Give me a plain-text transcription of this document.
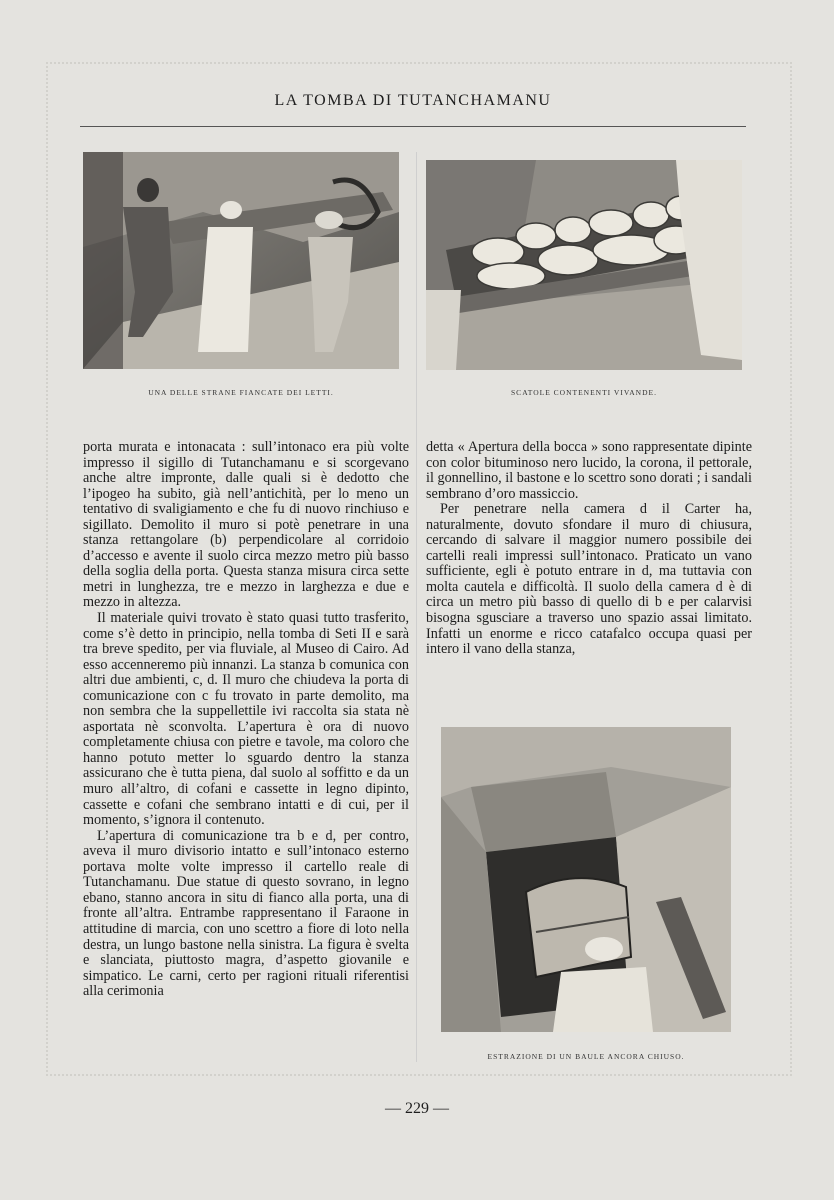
LA TOMBA DI TUTANCHAMANU
UNA DELLE STRANE FIANCATE DEI LETTI.	SCATOLE CONTENENTI VIVANDE.

porta murata e intonacata : sull’intonaco era più volte impresso il sigillo di Tutanchamanu e si scorgevano anche altre impronte, dalle quali si è dedotto che l’ipogeo ha subito, già nell’antichità, per lo meno un tentativo di svaligiamento e che fu di nuovo rinchiuso e sigillato. Demolito il muro si potè penetrare in una stanza rettangolare (b) perpendicolare al corridoio d’accesso e avente il suolo circa mezzo metro più basso della soglia della porta. Questa stanza misura circa sette metri in lunghezza, tre e mezzo in larghezza e due e mezzo in altezza.

Il materiale quivi trovato è stato quasi tutto trasferito, come s’è detto in principio, nella tomba di Seti II e sarà tra breve spedito, per via fluviale, al Museo di Cairo. Ad esso accenneremo più innanzi. La stanza b comunica con altri due ambienti, c, d. Il muro che chiudeva la porta di comunicazione con c fu trovato in parte demolito, ma non sembra che la suppellettile ivi raccolta sia stata nè asportata nè sconvolta. L’apertura è ora di nuovo completamente chiusa con pietre e tavole, ma coloro che hanno potuto metter lo sguardo dentro la stanza assicurano che è tutta piena, dal suolo al soffitto e da un muro all’altro, di cofani e cassette in legno dipinto, cassette e cofani che sembrano intatti e di cui, per il momento, s’ignora il contenuto.

L’apertura di comunicazione tra b e d, per contro, aveva il muro divisorio intatto e sull’intonaco esterno portava molte volte impresso il cartello reale di Tutanchamanu. Due statue di questo sovrano, in legno ebano, stanno ancora in situ di fianco alla porta, una di fronte all’altra. Entrambe rappresentano il Faraone in attitudine di marcia, con uno scettro a fiore di loto nella destra, un lungo bastone nella sinistra. La figura è svelta e slanciata, piuttosto magra, d’aspetto giovanile e simpatico. Le carni, certo per ragioni rituali riferentisi alla cerimonia

detta « Apertura della bocca » sono rappresentate dipinte con color bituminoso nero lucido, la corona, il pettorale, il gonnellino, il bastone e lo scettro sono dorati ; i sandali sembrano d’oro massiccio.

Per penetrare nella camera d il Carter ha, naturalmente, dovuto sfondare il muro di chiusura, cercando di salvare il maggior numero possibile dei cartelli reali impressi sull’intonaco. Praticato un vano sufficiente, egli è potuto entrare in d, ma tuttavia con molta cautela e difficoltà. Il suolo della camera d è di circa un metro più basso di quello di b e per calarvisi bisogna sgusciare a traverso uno spazio assai limitato. Infatti un enorme e ricco catafalco occupa quasi per intero il vano della stanza,

ESTRAZIONE DI UN BAULE ANCORA CHIUSO.
— 229 —
